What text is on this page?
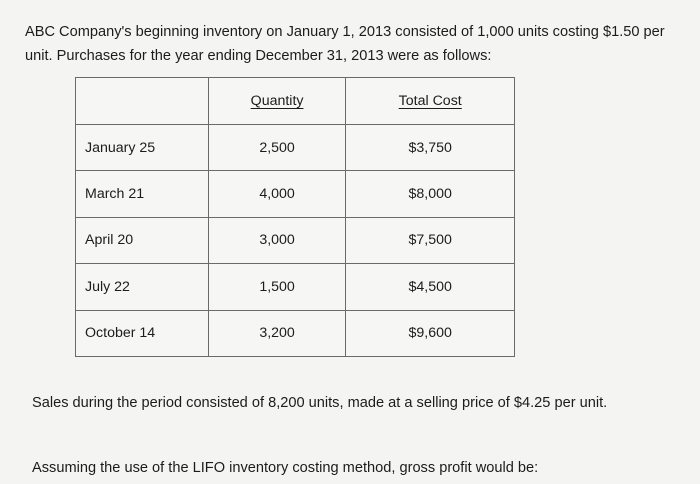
ABC Company's beginning inventory on January 1, 2013 consisted of 1,000 units costing $1.50 per unit. Purchases for the year ending December 31, 2013 were as follows:

	Quantity	Total Cost
January 25	2,500	$3,750
March 21	4,000	$8,000
April 20	3,000	$7,500
July 22	1,500	$4,500
October 14	3,200	$9,600

Sales during the period consisted of 8,200 units, made at a selling price of $4.25 per unit.

Assuming the use of the LIFO inventory costing method, gross profit would be:
